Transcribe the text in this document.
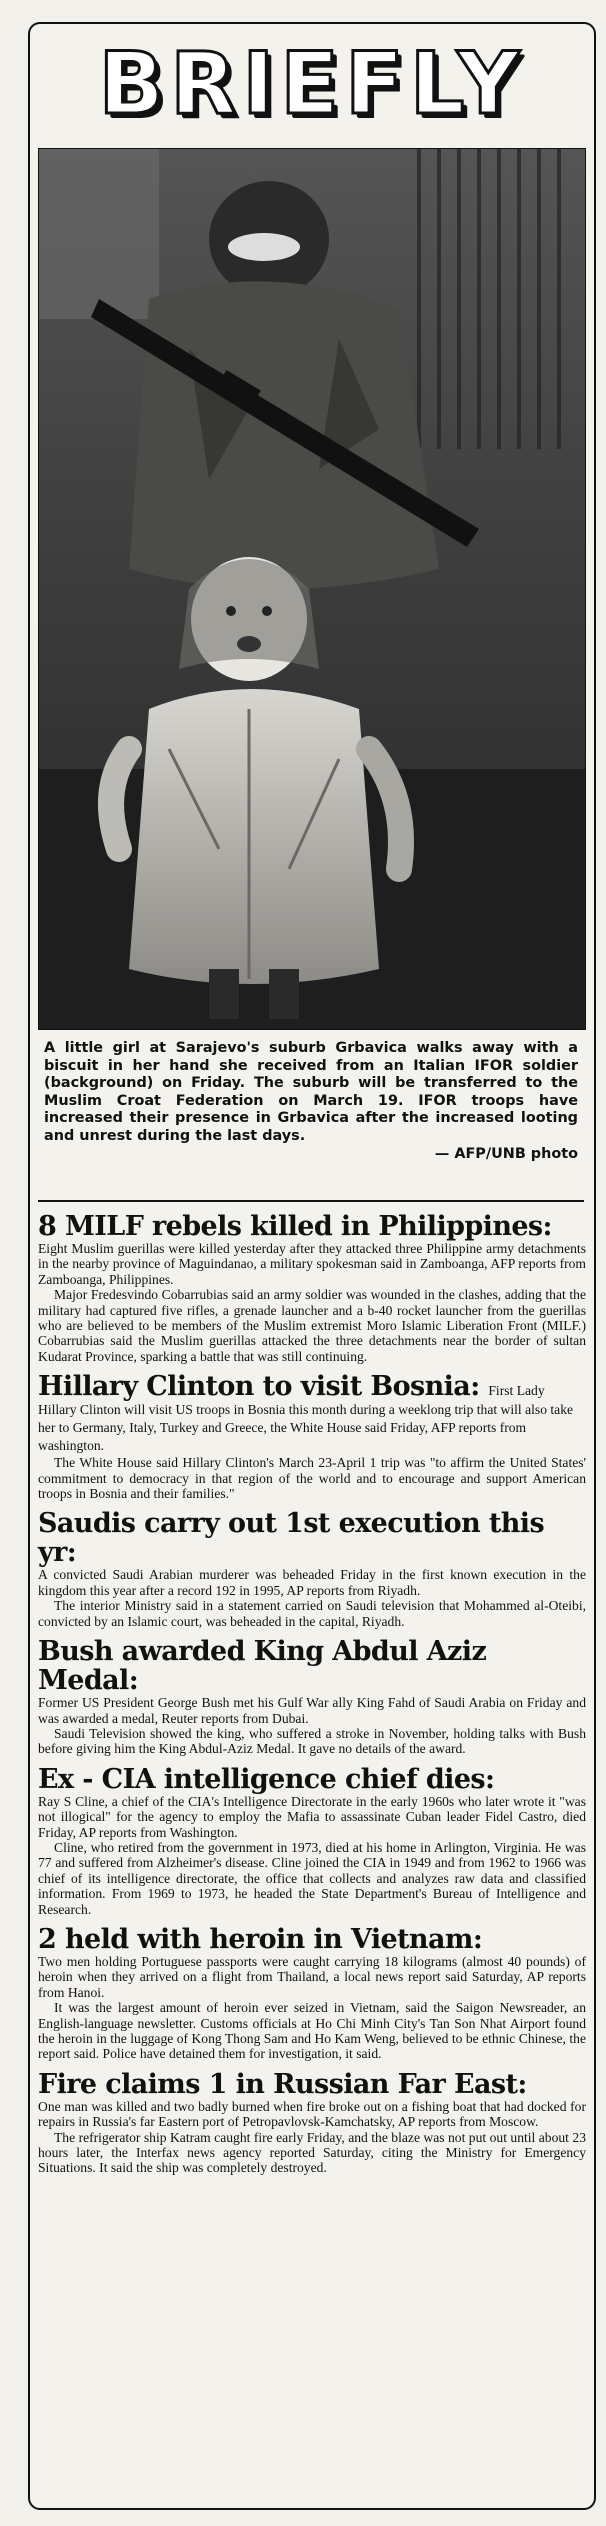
BRIEFLY
A little girl at Sarajevo's suburb Grbavica walks away with a biscuit in her hand she received from an Italian IFOR soldier (background) on Friday. The suburb will be transferred to the Muslim Croat Federation on March 19. IFOR troops have increased their presence in Grbavica after the increased looting and unrest during the last days.
— AFP/UNB photo
8 MILF rebels killed in Philippines:

Eight Muslim guerillas were killed yesterday after they attacked three Philippine army detachments in the nearby province of Maguindanao, a military spokesman said in Zamboanga, AFP reports from Zamboanga, Philippines.

Major Fredesvindo Cobarrubias said an army soldier was wounded in the clashes, adding that the military had captured five rifles, a grenade launcher and a b-40 rocket launcher from the guerillas who are believed to be members of the Muslim extremist Moro Islamic Liberation Front (MILF.) Cobarrubias said the Muslim guerillas attacked the three detachments near the border of sultan Kudarat Province, sparking a battle that was still continuing.

Hillary Clinton to visit Bosnia:

First Lady Hillary Clinton will visit US troops in Bosnia this month during a weeklong trip that will also take her to Germany, Italy, Turkey and Greece, the White House said Friday, AFP reports from washington.

The White House said Hillary Clinton's March 23-April 1 trip was "to affirm the United States' commitment to democracy in that region of the world and to encourage and support American troops in Bosnia and their families."

Saudis carry out 1st execution this yr:

A convicted Saudi Arabian murderer was beheaded Friday in the first known execution in the kingdom this year after a record 192 in 1995, AP reports from Riyadh.

The interior Ministry said in a statement carried on Saudi television that Mohammed al-Oteibi, convicted by an Islamic court, was beheaded in the capital, Riyadh.

Bush awarded King Abdul Aziz Medal:

Former US President George Bush met his Gulf War ally King Fahd of Saudi Arabia on Friday and was awarded a medal, Reuter reports from Dubai.

Saudi Television showed the king, who suffered a stroke in November, holding talks with Bush before giving him the King Abdul-Aziz Medal. It gave no details of the award.

Ex - CIA intelligence chief dies:

Ray S Cline, a chief of the CIA's Intelligence Directorate in the early 1960s who later wrote it "was not illogical" for the agency to employ the Mafia to assassinate Cuban leader Fidel Castro, died Friday, AP reports from Washington.

Cline, who retired from the government in 1973, died at his home in Arlington, Virginia. He was 77 and suffered from Alzheimer's disease. Cline joined the CIA in 1949 and from 1962 to 1966 was chief of its intelligence directorate, the office that collects and analyzes raw data and classified information. From 1969 to 1973, he headed the State Department's Bureau of Intelligence and Research.

2 held with heroin in Vietnam:

Two men holding Portuguese passports were caught carrying 18 kilograms (almost 40 pounds) of heroin when they arrived on a flight from Thailand, a local news report said Saturday, AP reports from Hanoi.

It was the largest amount of heroin ever seized in Vietnam, said the Saigon Newsreader, an English-language newsletter. Customs officials at Ho Chi Minh City's Tan Son Nhat Airport found the heroin in the luggage of Kong Thong Sam and Ho Kam Weng, believed to be ethnic Chinese, the report said. Police have detained them for investigation, it said.

Fire claims 1 in Russian Far East:

One man was killed and two badly burned when fire broke out on a fishing boat that had docked for repairs in Russia's far Eastern port of Petropavlovsk-Kamchatsky, AP reports from Moscow.

The refrigerator ship Katram caught fire early Friday, and the blaze was not put out until about 23 hours later, the Interfax news agency reported Saturday, citing the Ministry for Emergency Situations. It said the ship was completely destroyed.
